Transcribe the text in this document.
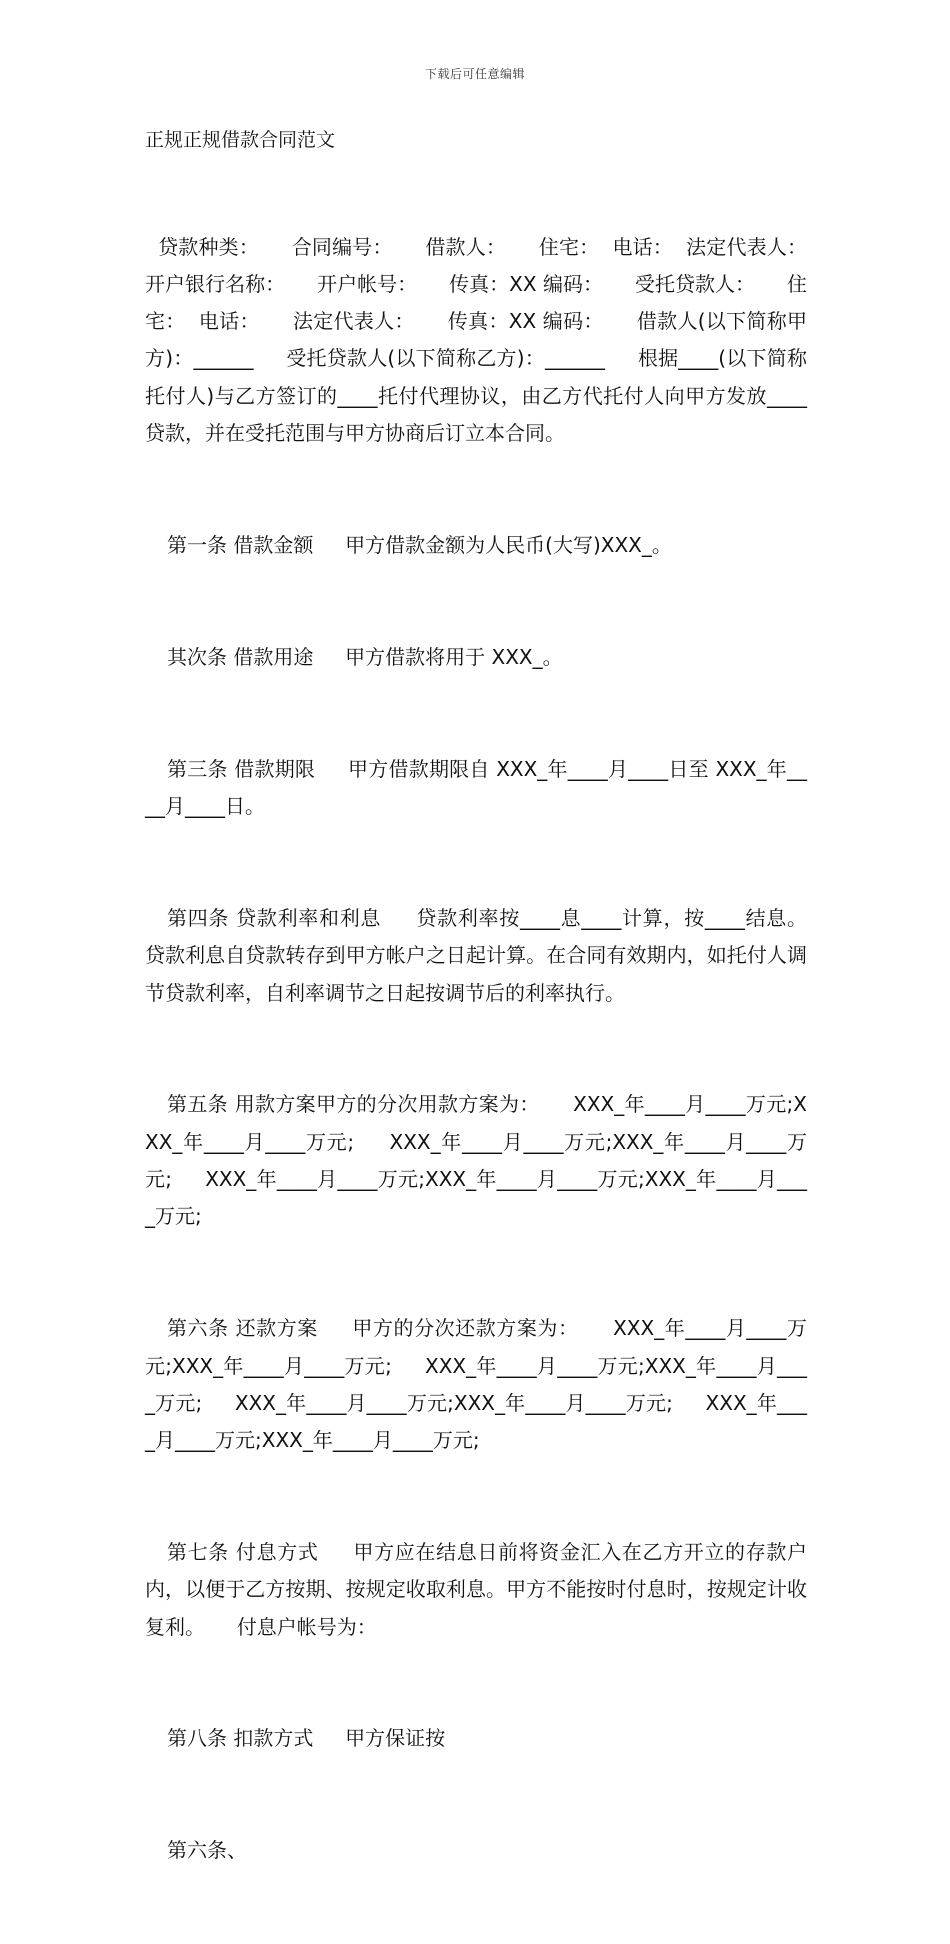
下载后可任意编辑
正规正规借款合同范文

贷款种类：     合同编号：     借款人：     住宅：  电话：  法定代表人：     开户银行名称：     开户帐号：     传真：XX 编码：     受托贷款人：     住宅：  电话：     法定代表人：     传真：XX 编码：     借款人(以下简称甲方)：______     受托贷款人(以下简称乙方)：______     根据____(以下简称托付人)与乙方签订的____托付代理协议，由乙方代托付人向甲方发放____贷款，并在受托范围与甲方协商后订立本合同。

第一条 借款金额     甲方借款金额为人民币(大写)XXX_。

其次条 借款用途     甲方借款将用于 XXX_。

第三条 借款期限     甲方借款期限自 XXX_年____月____日至 XXX_年____月____日。

第四条 贷款利率和利息     贷款利率按____息____计算，按____结息。     贷款利息自贷款转存到甲方帐户之日起计算。在合同有效期内，如托付人调节贷款利率，自利率调节之日起按调节后的利率执行。

第五条 用款方案甲方的分次用款方案为：     XXX_年____月____万元;XXX_年____月____万元;     XXX_年____月____万元;XXX_年____月____万元;     XXX_年____月____万元;XXX_年____月____万元;XXX_年____月____万元;

第六条 还款方案     甲方的分次还款方案为：     XXX_年____月____万元;XXX_年____月____万元;     XXX_年____月____万元;XXX_年____月____万元;     XXX_年____月____万元;XXX_年____月____万元;     XXX_年____月____万元;XXX_年____月____万元;

第七条 付息方式     甲方应在结息日前将资金汇入在乙方开立的存款户内，以便于乙方按期、按规定收取利息。甲方不能按时付息时，按规定计收复利。     付息户帐号为：

第八条 扣款方式     甲方保证按

第六条、
